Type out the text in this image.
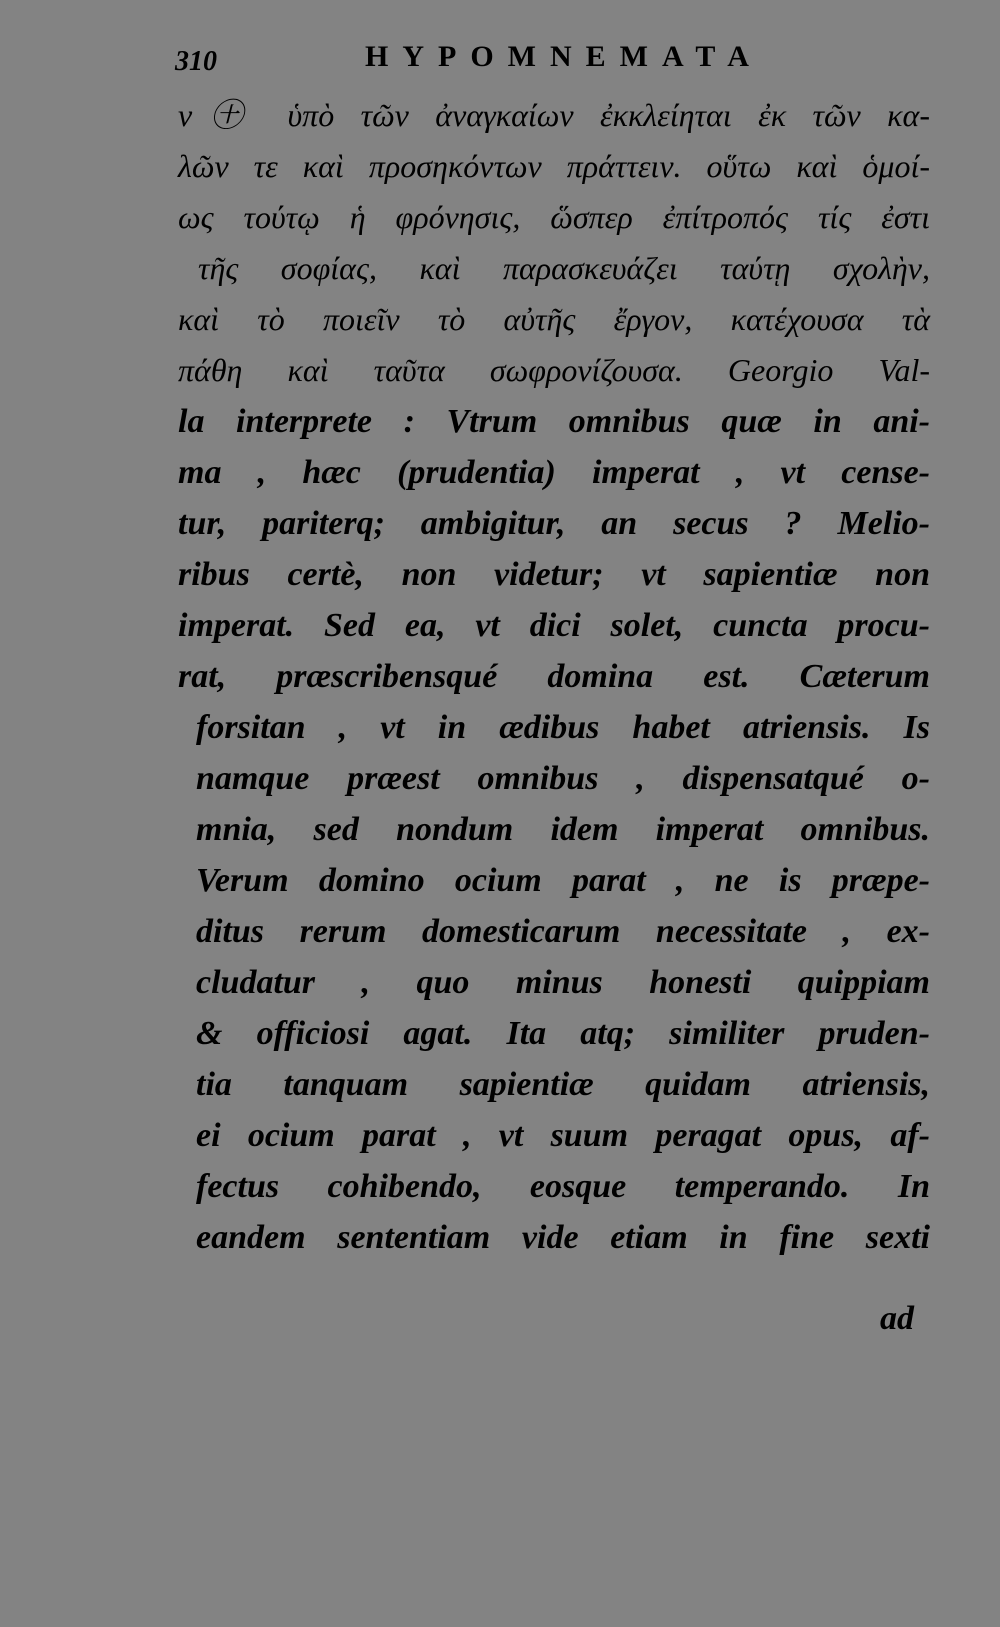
310	HYPOMNEMATA
ν㊉ ὑπὸ τῶν ἀναγκαίων ἐκκλείηται ἐκ τῶν κα-
λῶν τε καὶ προσηκόντων πράττειν. οὕτω καὶ ὁμοί-
ως τούτῳ ἡ φρόνησις, ὥσπερ ἐπίτροπός τίς ἐστι
τῆς σοφίας, καὶ παρασκευάζει ταύτῃ σχολὴν,
καὶ τὸ ποιεῖν τὸ αὐτῆς ἔργον, κατέχουσα τὰ
πάθη καὶ ταῦτα σωφρονίζουσα. Georgio Val-
la interprete : Vtrum omnibus quæ in ani-
ma , hæc (prudentia) imperat , vt cense-
tur, pariterq; ambigitur, an secus ? Melio-
ribus certè, non videtur; vt sapientiæ non
imperat. Sed ea, vt dici solet, cuncta procu-
rat, præscribensqué domina est. Cæterum
forsitan , vt in ædibus habet atriensis. Is
namque præest omnibus , dispensatqué o-
mnia, sed nondum idem imperat omnibus.
Verum domino ocium parat , ne is præpe-
ditus rerum domesticarum necessitate , ex-
cludatur , quo minus honesti quippiam
& officiosi agat. Ita atq; similiter pruden-
tia tanquam sapientiæ quidam atriensis,
ei ocium parat , vt suum peragat opus, af-
fectus cohibendo, eosque temperando. In
eandem sententiam vide etiam in fine sexti
ad
